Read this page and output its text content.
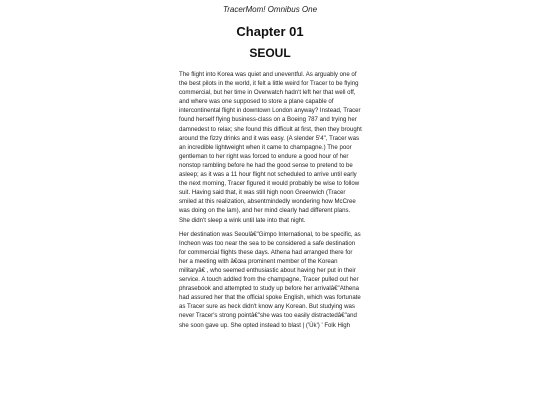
TracerMom! Omnibus One
Chapter 01
SEOUL

The flight into Korea was quiet and uneventful. As arguably one of the best pilots in the world, it felt a little weird for Tracer to be flying commercial, but her time in Overwatch hadn't left her that well off, and where was one supposed to store a plane capable of intercontinental flight in downtown London anyway? Instead, Tracer found herself flying business-class on a Boeing 787 and trying her damnedest to relax; she found this difficult at first, then they brought around the fizzy drinks and it was easy. (A slender 5'4", Tracer was an incredible lightweight when it came to champagne.) The poor gentleman to her right was forced to endure a good hour of her nonstop rambling before he had the good sense to pretend to be asleep; as it was a 11 hour flight not scheduled to arrive until early the next morning, Tracer figured it would probably be wise to follow suit. Having said that, it was still high noon Greenwich (Tracer smiled at this realization, absentmindedly wondering how McCree was doing on the lam), and her mind clearly had different plans. She didn't sleep a wink until late into that night.

Her destination was Seoulâ€"Gimpo International, to be specific, as Incheon was too near the sea to be considered a safe destination for commercial flights these days. Athena had arranged there for her a meeting with â€œa prominent member of the Korean militaryâ€ , who seemed enthusiastic about having her put in their service. A touch addled from the champagne, Tracer pulled out her phrasebook and attempted to study up before her arrivalâ€"Athena had assured her that the official spoke English, which was fortunate as Tracer sure as heck didn't know any Korean. But studying was never Tracer's strong pointâ€"she was too easily distractedâ€"and she soon gave up. She opted instead to blast | ('Ùk') ' Folk High
